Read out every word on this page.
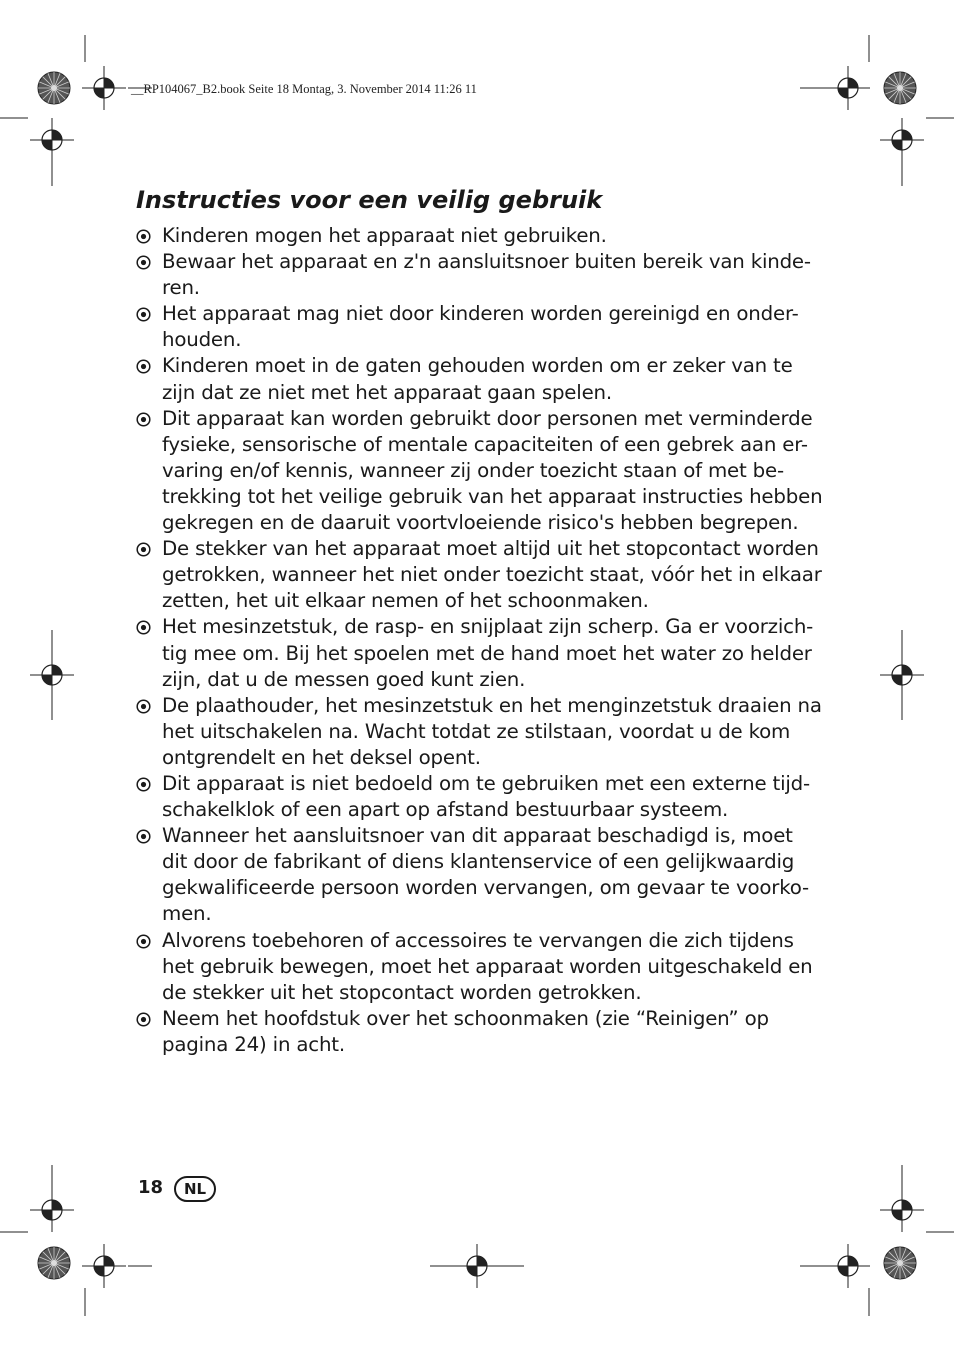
__RP104067_B2.book Seite 18 Montag, 3. November 2014 11:26 11
Instructies voor een veilig gebruik
Kinderen mogen het apparaat niet gebruiken.
Bewaar het apparaat en z'n aansluitsnoer buiten bereik van kinde-
ren.
Het apparaat mag niet door kinderen worden gereinigd en onder-
houden.
Kinderen moet in de gaten gehouden worden om er zeker van te
zijn dat ze niet met het apparaat gaan spelen.
Dit apparaat kan worden gebruikt door personen met verminderde
fysieke, sensorische of mentale capaciteiten of een gebrek aan er-
varing en/of kennis, wanneer zij onder toezicht staan of met be-
trekking tot het veilige gebruik van het apparaat instructies hebben
gekregen en de daaruit voortvloeiende risico's hebben begrepen.
De stekker van het apparaat moet altijd uit het stopcontact worden
getrokken, wanneer het niet onder toezicht staat, vóór het in elkaar
zetten, het uit elkaar nemen of het schoonmaken.
Het mesinzetstuk, de rasp- en snijplaat zijn scherp. Ga er voorzich-
tig mee om. Bij het spoelen met de hand moet het water zo helder
zijn, dat u de messen goed kunt zien.
De plaathouder, het mesinzetstuk en het menginzetstuk draaien na
het uitschakelen na. Wacht totdat ze stilstaan, voordat u de kom
ontgrendelt en het deksel opent.
Dit apparaat is niet bedoeld om te gebruiken met een externe tijd-
schakelklok of een apart op afstand bestuurbaar systeem.
Wanneer het aansluitsnoer van dit apparaat beschadigd is, moet
dit door de fabrikant of diens klantenservice of een gelijkwaardig
gekwalificeerde persoon worden vervangen, om gevaar te voorko-
men.
Alvorens toebehoren of accessoires te vervangen die zich tijdens
het gebruik bewegen, moet het apparaat worden uitgeschakeld en
de stekker uit het stopcontact worden getrokken.
Neem het hoofdstuk over het schoonmaken (zie “Reinigen” op
pagina 24) in acht.
18	NL
